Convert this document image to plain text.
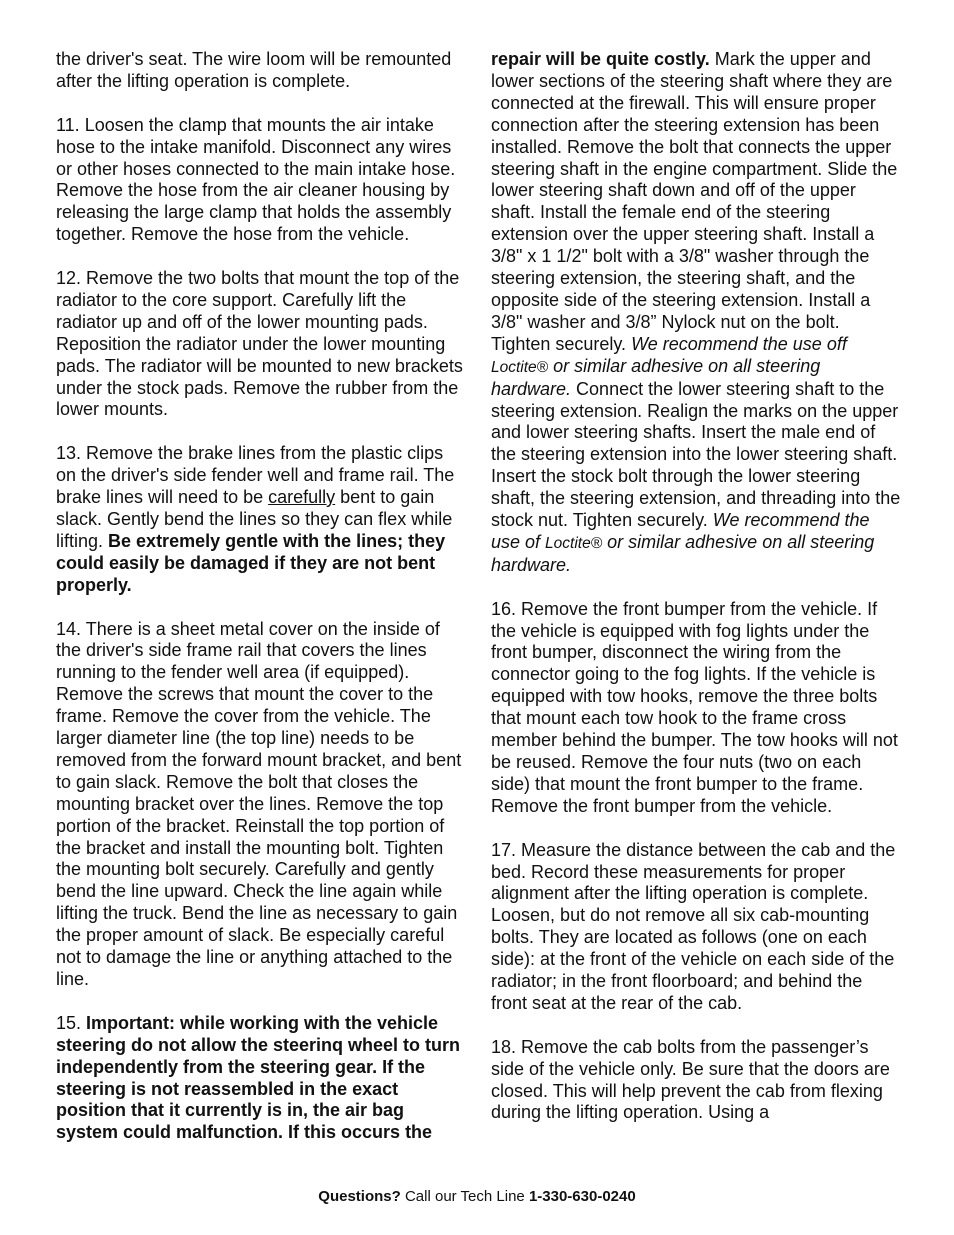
the driver's seat. The wire loom will be remounted after the lifting operation is complete.

11. Loosen the clamp that mounts the air intake hose to the intake manifold. Disconnect any wires or other hoses connected to the main intake hose. Remove the hose from the air cleaner housing by releasing the large clamp that holds the assembly together. Remove the hose from the vehicle.

12. Remove the two bolts that mount the top of the radiator to the core support. Carefully lift the radiator up and off of the lower mounting pads. Reposition the radiator under the lower mounting pads. The radiator will be mounted to new brackets under the stock pads. Remove the rubber from the lower mounts.

13. Remove the brake lines from the plastic clips on the driver's side fender well and frame rail. The brake lines will need to be carefully bent to gain slack. Gently bend the lines so they can flex while lifting. Be extremely gentle with the lines; they could easily be damaged if they are not bent properly.

14. There is a sheet metal cover on the inside of the driver's side frame rail that covers the lines running to the fender well area (if equipped). Remove the screws that mount the cover to the frame. Remove the cover from the vehicle. The larger diameter line (the top line) needs to be removed from the forward mount bracket, and bent to gain slack. Remove the bolt that closes the mounting bracket over the lines. Remove the top portion of the bracket. Reinstall the top portion of the bracket and install the mounting bolt. Tighten the mounting bolt securely. Carefully and gently bend the line upward. Check the line again while lifting the truck. Bend the line as necessary to gain the proper amount of slack. Be especially careful not to damage the line or anything attached to the line.

15. Important: while working with the vehicle steering do not allow the steerinq wheel to turn independently from the steering gear. If the steering is not reassembled in the exact position that it currently is in, the air bag system could malfunction. If this occurs the

repair will be quite costly. Mark the upper and lower sections of the steering shaft where they are connected at the firewall. This will ensure proper connection after the steering extension has been installed. Remove the bolt that connects the upper steering shaft in the engine compartment. Slide the lower steering shaft down and off of the upper shaft. Install the female end of the steering extension over the upper steering shaft. Install a 3/8" x 1 1/2" bolt with a 3/8" washer through the steering extension, the steering shaft, and the opposite side of the steering extension. Install a 3/8" washer and 3/8” Nylock nut on the bolt. Tighten securely. We recommend the use off Loctite® or similar adhesive on all steering hardware. Connect the lower steering shaft to the steering extension. Realign the marks on the upper and lower steering shafts. Insert the male end of the steering extension into the lower steering shaft. Insert the stock bolt through the lower steering shaft, the steering extension, and threading into the stock nut. Tighten securely. We recommend the use of Loctite® or similar adhesive on all steering hardware.

16. Remove the front bumper from the vehicle. If the vehicle is equipped with fog lights under the front bumper, disconnect the wiring from the connector going to the fog lights. If the vehicle is equipped with tow hooks, remove the three bolts that mount each tow hook to the frame cross member behind the bumper. The tow hooks will not be reused. Remove the four nuts (two on each side) that mount the front bumper to the frame. Remove the front bumper from the vehicle.

17. Measure the distance between the cab and the bed. Record these measurements for proper alignment after the lifting operation is complete. Loosen, but do not remove all six cab-mounting bolts. They are located as follows (one on each side): at the front of the vehicle on each side of the radiator; in the front floorboard; and behind the front seat at the rear of the cab.

18. Remove the cab bolts from the passenger’s side of the vehicle only. Be sure that the doors are closed. This will help prevent the cab from flexing during the lifting operation. Using a

Questions? Call our Tech Line 1-330-630-0240
